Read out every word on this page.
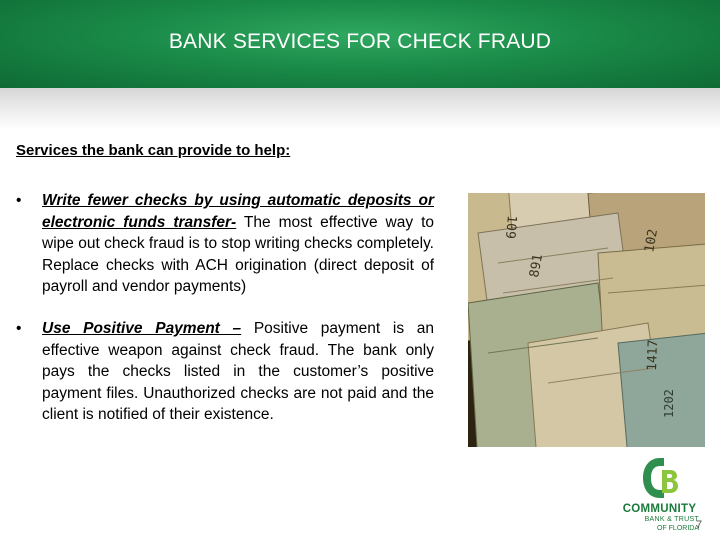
BANK SERVICES FOR CHECK FRAUD
Services the bank can provide to help:
•	Write fewer checks by using automatic deposits or electronic funds transfer- The most effective way to wipe out check fraud is to stop writing checks completely. Replace checks with ACH origination (direct deposit of payroll and vendor payments)
•	Use Positive Payment – Positive payment is an effective weapon against check fraud. The bank only pays the checks listed in the customer’s positive payment files. Unauthorized checks are not paid and the client is notified of their existence.
109
102
891
1417
1202
COMMUNITY
BANK & TRUST
OF FLORIDA
7
